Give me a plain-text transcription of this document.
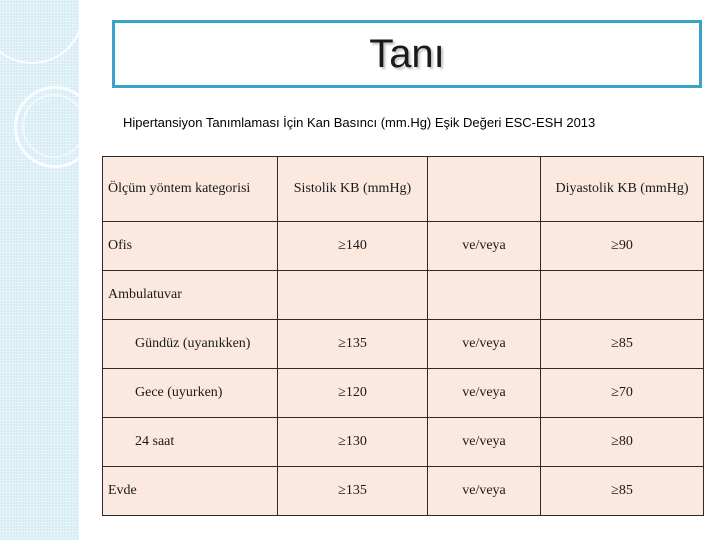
Tanı
Hipertansiyon Tanımlaması İçin Kan Basıncı (mm.Hg) Eşik Değeri ESC-ESH 2013
Ölçüm yöntem kategorisi	Sistolik KB (mmHg)		Diyastolik KB (mmHg)
Ofis	≥140	ve/veya	≥90
Ambulatuvar			
Gündüz (uyanıkken)	≥135	ve/veya	≥85
Gece (uyurken)	≥120	ve/veya	≥70
24 saat	≥130	ve/veya	≥80
Evde	≥135	ve/veya	≥85
